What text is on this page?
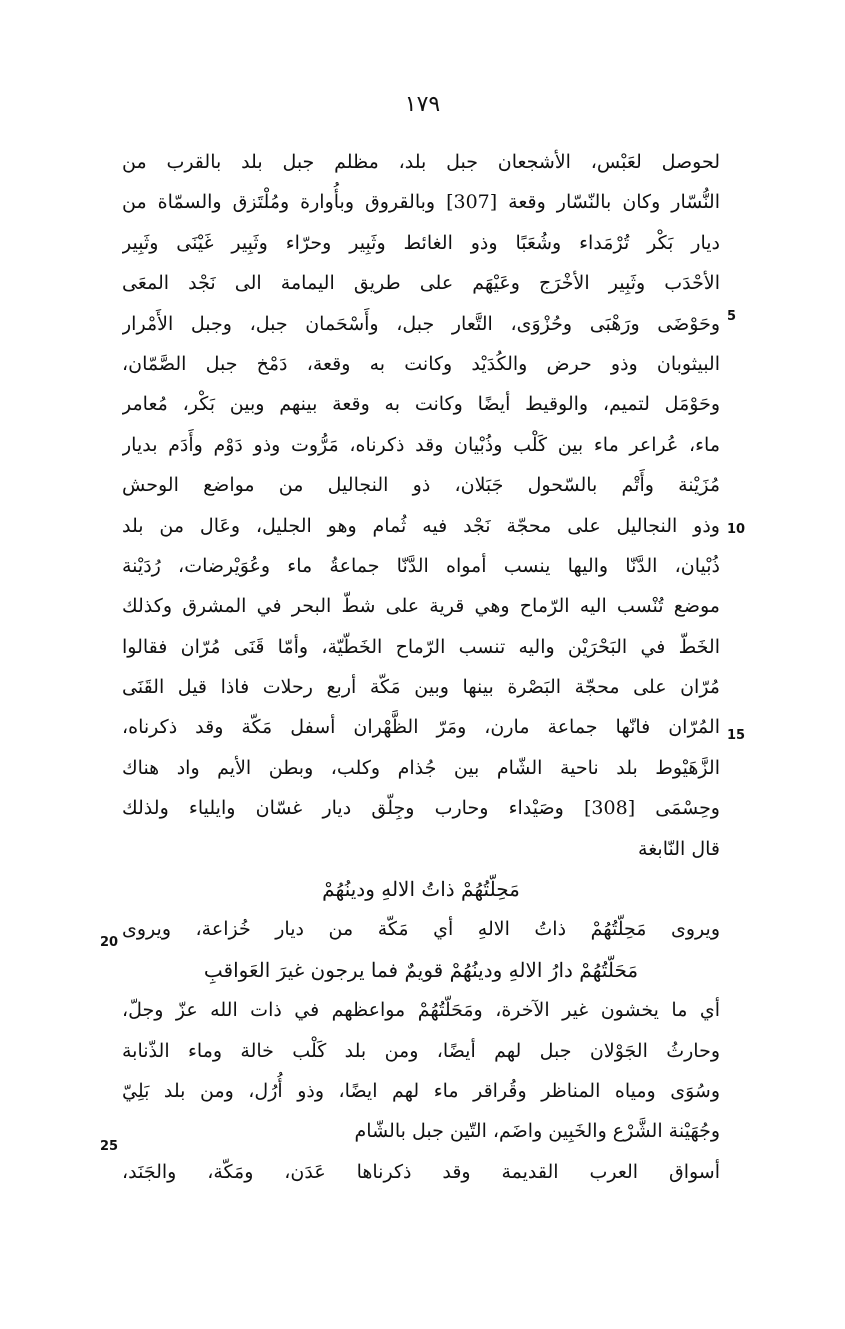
١٧٩
لحوصل لعَبْس، الأشجعان جبل بلد، مظلم جبل بلد بالقرب من
النُّسّار وكان بالنّسّار وقعة [307] وبالقروق وبأُوارة ومُلْتَزق والسمّاة من
ديار بَكْر تُرْمَداء وشُعَبًا وذو الغائط وثَبِير وحرّاء وثَبِير غَيْنَى وثَبِير
الأحْدَب وثَبِير الأخْرَج وعَيْهَم على طريق اليمامة الى نَجْد المعَى
وحَوْضَى ورَهْبَى وحُزْوَى، التَّعار جبل، وأَسْحَمان جبل، وجبل الأَمْرار
البيثوبان وذو حرض والكُدَيْد وكانت به وقعة، دَمْخ جبل الصَّمّان،
وحَوْمَل لتميم، والوقيط أيضًا وكانت به وقعة بينهم وبين بَكْر، مُعامر
ماء، عُراعر ماء بين كَلْب وذُبْيان وقد ذكرناه، مَرُّوت وذو دَوْم وأَدَم بديار
مُزَيْنة وأَتْم بالسّحول جَبَلان، ذو النجاليل من مواضع الوحش
وذو النجاليل على محجّة نَجْد فيه ثُمام وهو الجليل، وعَال من بلد
ذُبْيان، الدَّنّا واليها ينسب أمواه الدَّنّا جماعةُ ماء وعُوَيْرضات، رُدَيْنة
موضع تُنْسب اليه الرّماح وهي قرية على شطّ البحر في المشرق وكذلك
الخَطّ في البَحْرَيْن واليه تنسب الرّماح الخَطّيّة، وأمّا قَنَى مُرّان فقالوا
مُرّان على محجّة البَصْرة بينها وبين مَكّة أربع رحلات فاذا قيل القَنَى
المُرّان فانّها جماعة مارن، ومَرّ الظَّهْران أسفل مَكّة وقد ذكرناه،
الزَّهَيْوط بلد ناحية الشّام بين جُذام وكلب، وبطن الأيم واد هناك
وحِسْمَى [308] وصَيْداء وحارب وجِلّق ديار غسّان وايلياء ولذلك
قال النّابغة
مَحِلّتُهُمْ ذاتُ الالهِ ودينُهُمْ
ويروى مَحِلّتُهُمْ ذاتُ الالهِ أي مَكّة من ديار خُزاعة، ويروى
مَحَلّتُهُمْ دارُ الالهِ ودينُهُمْ قويمٌ فما يرجون غيرَ العَواقبِ
أي ما يخشون غير الآخرة، ومَحَلّتُهُمْ مواعظهم في ذات الله عزّ وجلّ،
وحارثُ الجَوْلان جبل لهم أيضًا، ومن بلد كَلْب خالة وماء الذّنابة
وسُوَى ومياه المناظر وقُراقر ماء لهم ايضًا، وذو أُرُل، ومن بلد بَلِيّ
وجُهَيْنة الشَّرْع والخَبِين واضَم، التّين جبل بالشّام
أسواق العرب القديمة وقد ذكرناها عَدَن، ومَكّة، والجَنَد،
5
10
15
20
25
